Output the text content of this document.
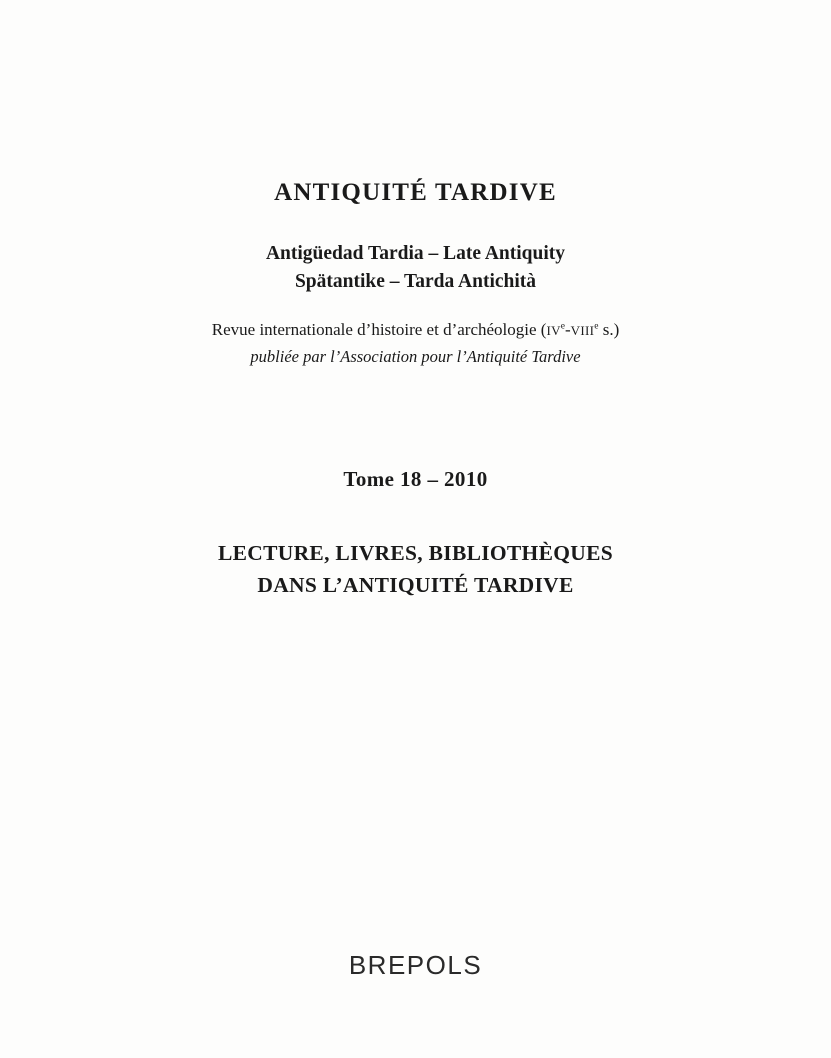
ANTIQUITÉ TARDIVE

Antigüedad Tardia – Late Antiquity

Spätantike – Tarda Antichità

Revue internationale d’histoire et d’archéologie (IVe-VIIIe s.)

publiée par l’Association pour l’Antiquité Tardive

Tome 18 – 2010

LECTURE, LIVRES, BIBLIOTHÈQUES

DANS L’ANTIQUITÉ TARDIVE

BREPOLS
